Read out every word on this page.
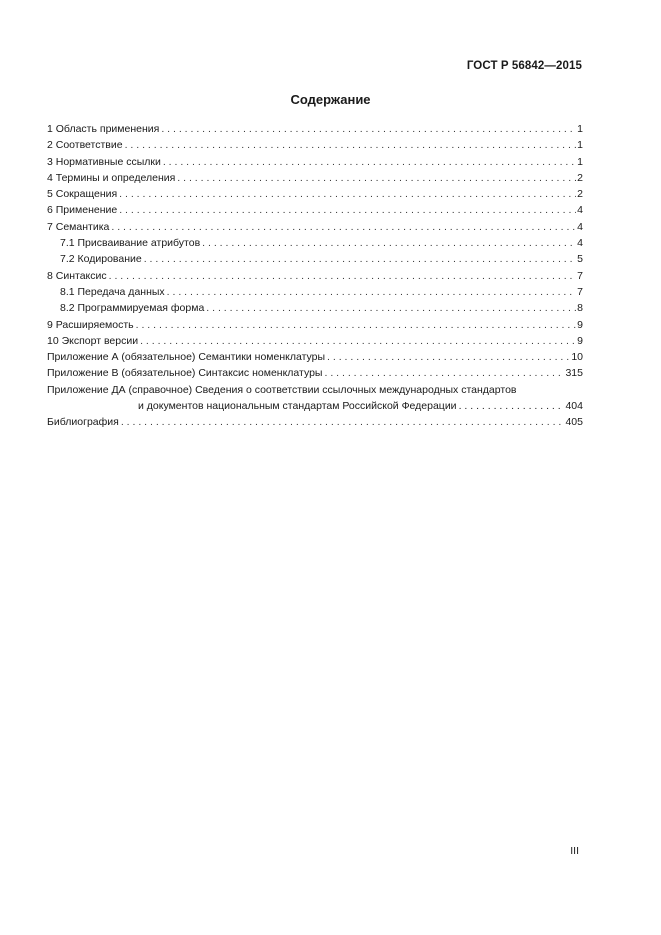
ГОСТ Р 56842—2015
Содержание
1 Область применения . . .	1
2 Соответствие . . .	1
3 Нормативные ссылки . . .	1
4 Термины и определения . . .	2
5 Сокращения . . .	2
6 Применение . . .	4
7 Семантика . . .	4
7.1 Присваивание атрибутов . . .	4
7.2 Кодирование . . .	5
8 Синтаксис . . .	7
8.1 Передача данных . . .	7
8.2 Программируемая форма . . .	8
9 Расширяемость . . .	9
10 Экспорт версии . . .	9
Приложение А (обязательное) Семантики номенклатуры . . .	10
Приложение В (обязательное) Синтаксис номенклатуры . . .	315
Приложение ДА (справочное) Сведения о соответствии ссылочных международных стандартов
и документов национальным стандартам Российской Федерации . . .	404
Библиография . . .	405
III
